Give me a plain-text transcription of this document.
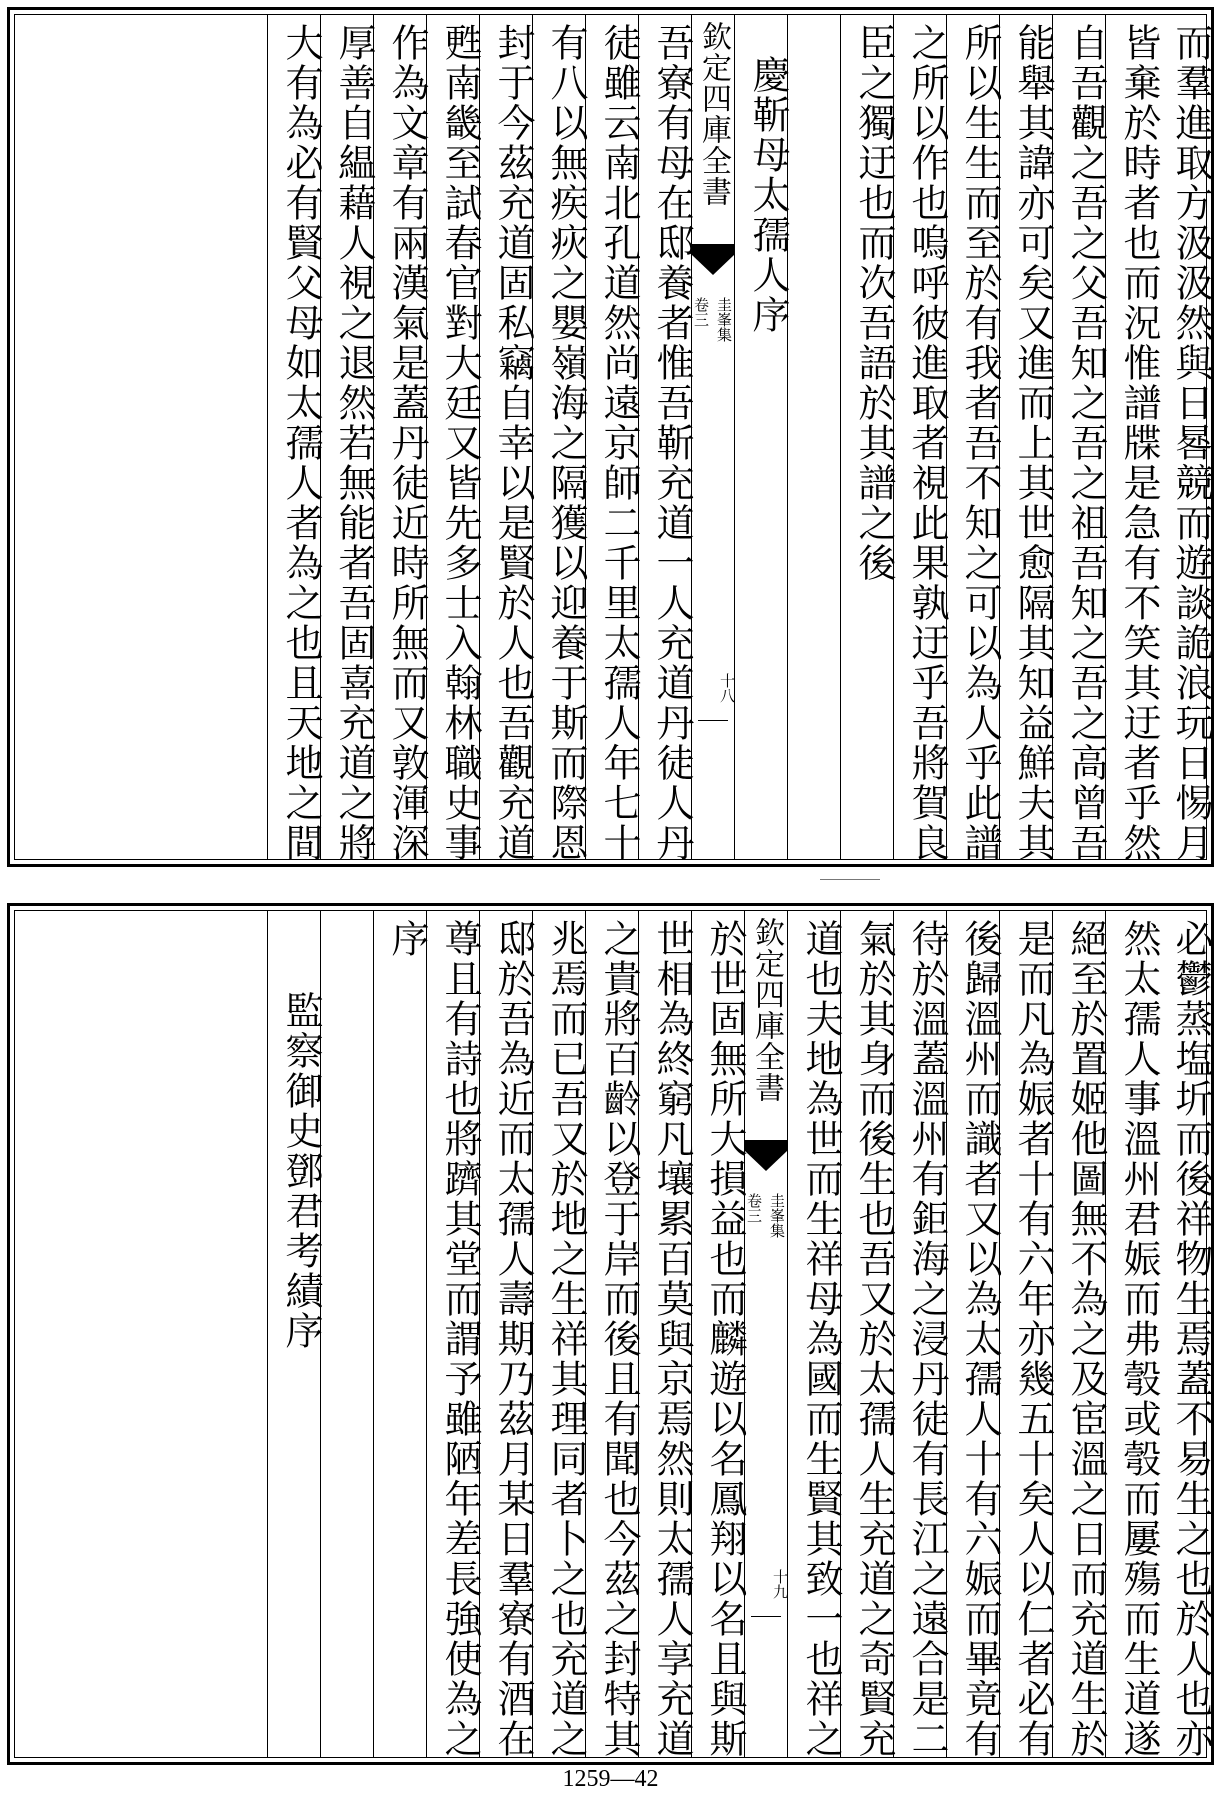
而羣進取方汲汲然與日晷競而遊談詭浪玩日惕月
皆棄於時者也而況惟譜牒是急有不笑其迂者乎然
自吾觀之吾之父吾知之吾之祖吾知之吾之高曾吾
能舉其諱亦可矣又進而上其世愈隔其知益鮮夫其
所以生生而至於有我者吾不知之可以為人乎此譜
之所以作也嗚呼彼進取者視此果孰迂乎吾將賀良
臣之獨迂也而次吾語於其譜之後
慶靳母太孺人序
欽定四庫全書
卷三 圭峯集
十八
吾寮有母在邸養者惟吾靳充道一人充道丹徒人丹
徒雖云南北孔道然尚遠京師二千里太孺人年七十
有八以無疾疢之嬰嶺海之隔獲以迎養于斯而際恩
封于今茲充道固私竊自幸以是賢於人也吾觀充道
甦南畿至試春官對大廷又皆先多士入翰林職史事
作為文章有兩漢氣是蓋丹徒近時所無而又敦渾深
厚善自緼藉人視之退然若無能者吾固喜充道之將
大有為必有賢父母如太孺人者為之也且天地之間
必鬱蒸塩圻而後祥物生焉蓋不易生之也於人也亦
然太孺人事溫州君娠而弗彀或彀而屢殤而生道遂
絕至於置姬他圖無不為之及宦溫之日而充道生於
是而凡為娠者十有六年亦幾五十矣人以仁者必有
後歸溫州而識者又以為太孺人十有六娠而畢竟有
待於溫蓋溫州有鉅海之浸丹徒有長江之遠合是二
氣於其身而後生也吾又於太孺人生充道之奇賢充
道也夫地為世而生祥母為國而生賢其致一也祥之
欽定四庫全書
卷三 圭峯集
十九
於世固無所大損益也而麟遊以名鳳翔以名且與斯
世相為終窮凡壤累百莫與京焉然則太孺人享充道
之貴將百齡以登于岸而後且有聞也今茲之封特其
兆焉而已吾又於地之生祥其理同者卜之也充道之
邸於吾為近而太孺人壽期乃茲月某日羣寮有酒在
尊且有詩也將躋其堂而謂予雖陋年差長強使為之
序
監察御史鄧君考績序
1259—42
